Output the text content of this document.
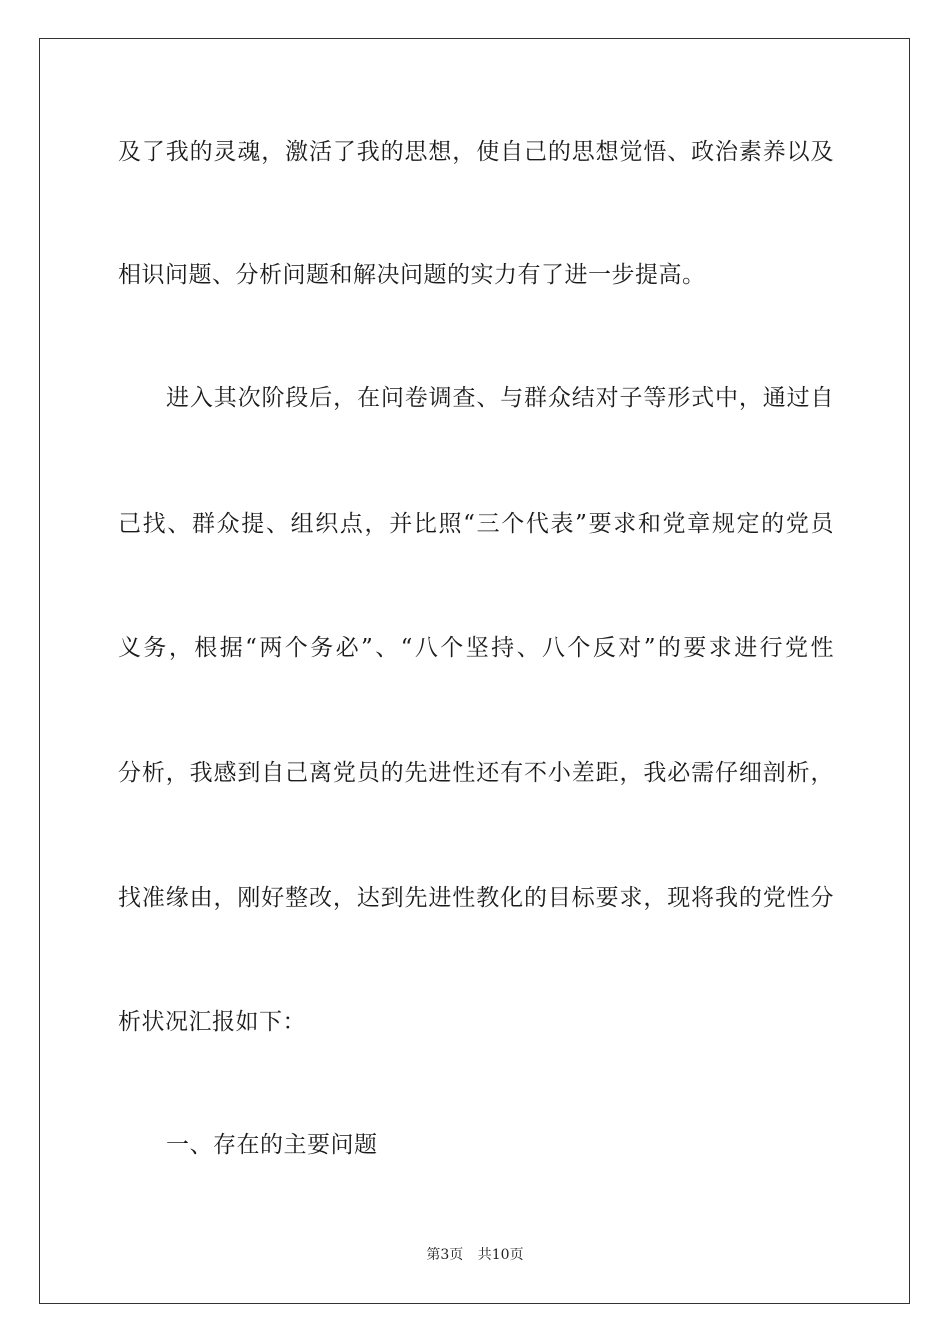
及了我的灵魂，激活了我的思想，使自己的思想觉悟、政治素养以及
相识问题、分析问题和解决问题的实力有了进一步提高。
进入其次阶段后，在问卷调查、与群众结对子等形式中，通过自
己找、群众提、组织点，并比照“三个代表”要求和党章规定的党员
义务，根据“两个务必”、“八个坚持、八个反对”的要求进行党性
分析，我感到自己离党员的先进性还有不小差距，我必需仔细剖析，
找准缘由，刚好整改，达到先进性教化的目标要求，现将我的党性分
析状况汇报如下：
一、存在的主要问题
第3页 共10页
